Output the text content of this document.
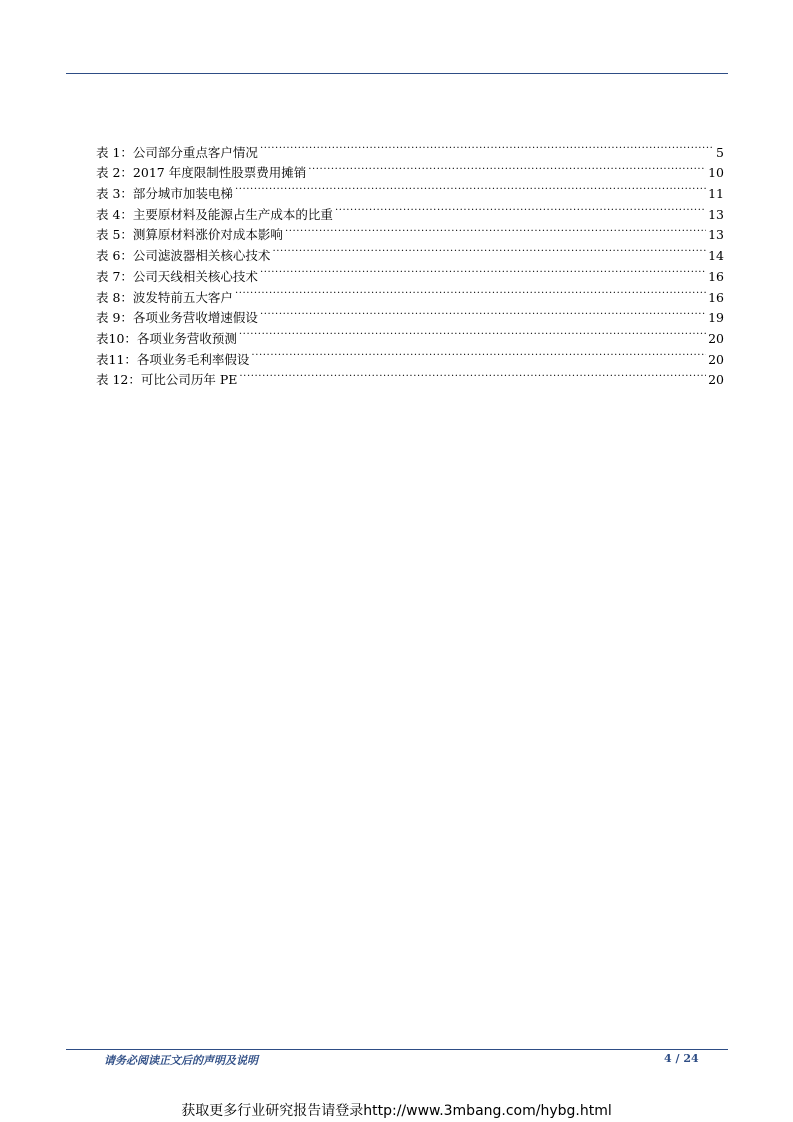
表 1：公司部分重点客户情况 .....	5
表 2：2017 年度限制性股票费用摊销 .....	10
表 3：部分城市加装电梯 .....	11
表 4：主要原材料及能源占生产成本的比重 .....	13
表 5：测算原材料涨价对成本影响 .....	13
表 6：公司滤波器相关核心技术 .....	14
表 7：公司天线相关核心技术 .....	16
表 8：波发特前五大客户 .....	16
表 9：各项业务营收增速假设 .....	19
表10：各项业务营收预测 .....	20
表11：各项业务毛利率假设 .....	20
表 12：可比公司历年 PE .....	20
请务必阅读正文后的声明及说明	4 / 24
获取更多行业研究报告请登录http://www.3mbang.com/hybg.html
